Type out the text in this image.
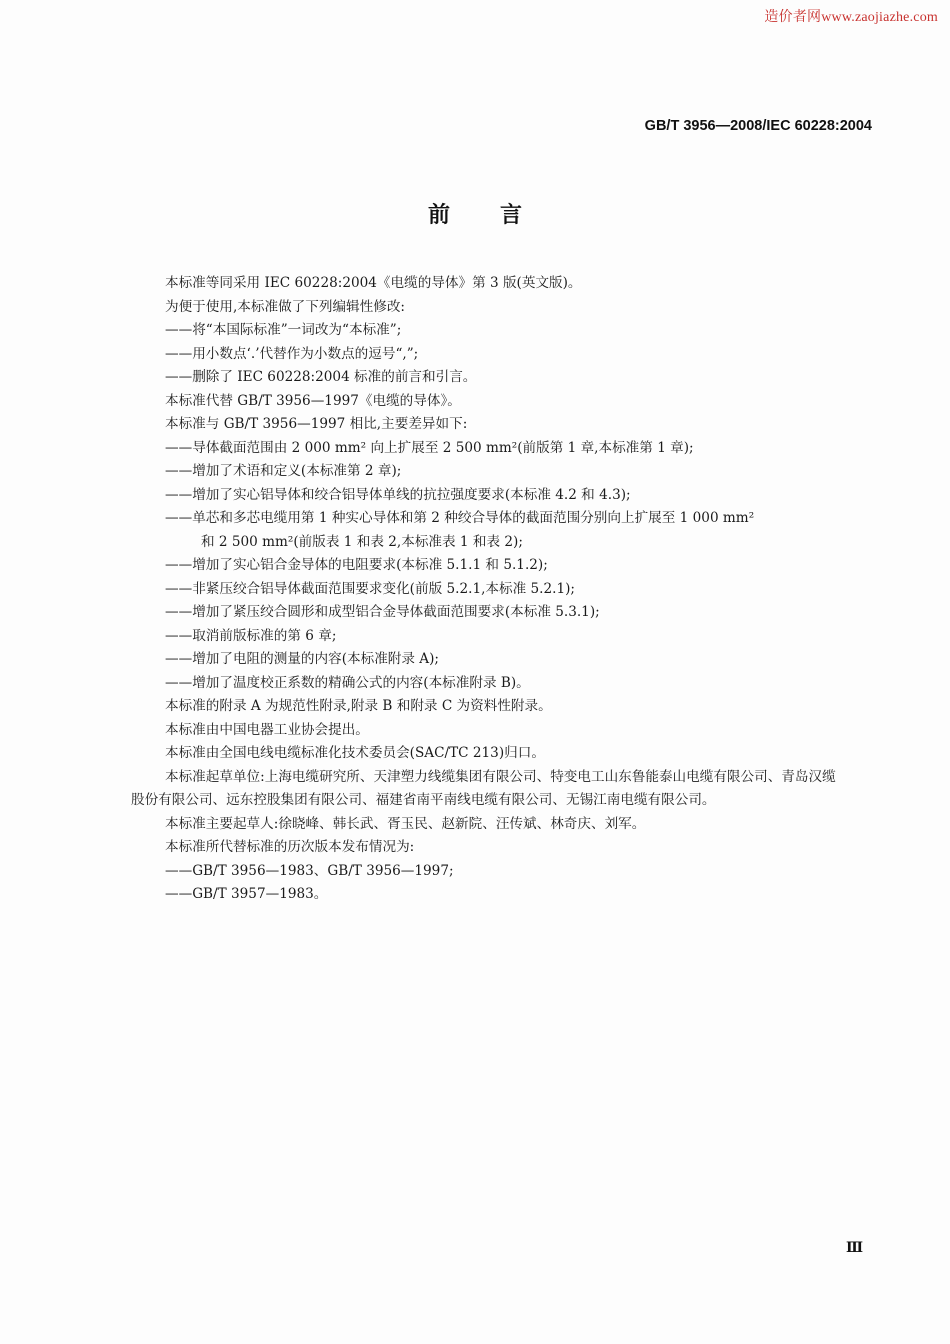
造价者网www.zaojiazhe.com
GB/T 3956—2008/IEC 60228:2004
前言

本标准等同采用 IEC 60228:2004《电缆的导体》第 3 版(英文版)。

为便于使用,本标准做了下列编辑性修改:

——将“本国际标准”一词改为“本标准”;

——用小数点‘.’代替作为小数点的逗号“,”;

——删除了 IEC 60228:2004 标准的前言和引言。

本标准代替 GB/T 3956—1997《电缆的导体》。

本标准与 GB/T 3956—1997 相比,主要差异如下:

——导体截面范围由 2 000 mm² 向上扩展至 2 500 mm²(前版第 1 章,本标准第 1 章);

——增加了术语和定义(本标准第 2 章);

——增加了实心铝导体和绞合铝导体单线的抗拉强度要求(本标准 4.2 和 4.3);

——单芯和多芯电缆用第 1 种实心导体和第 2 种绞合导体的截面范围分别向上扩展至 1 000 mm²

和 2 500 mm²(前版表 1 和表 2,本标准表 1 和表 2);

——增加了实心铝合金导体的电阻要求(本标准 5.1.1 和 5.1.2);

——非紧压绞合铝导体截面范围要求变化(前版 5.2.1,本标准 5.2.1);

——增加了紧压绞合圆形和成型铝合金导体截面范围要求(本标准 5.3.1);

——取消前版标准的第 6 章;

——增加了电阻的测量的内容(本标准附录 A);

——增加了温度校正系数的精确公式的内容(本标准附录 B)。

本标准的附录 A 为规范性附录,附录 B 和附录 C 为资料性附录。

本标准由中国电器工业协会提出。

本标准由全国电线电缆标准化技术委员会(SAC/TC 213)归口。

本标准起草单位:上海电缆研究所、天津塑力线缆集团有限公司、特变电工山东鲁能泰山电缆有限公司、青岛汉缆股份有限公司、远东控股集团有限公司、福建省南平南线电缆有限公司、无锡江南电缆有限公司。

本标准主要起草人:徐晓峰、韩长武、胥玉民、赵新院、汪传斌、林奇庆、刘军。

本标准所代替标准的历次版本发布情况为:

——GB/T 3956—1983、GB/T 3956—1997;

——GB/T 3957—1983。

Ⅲ
